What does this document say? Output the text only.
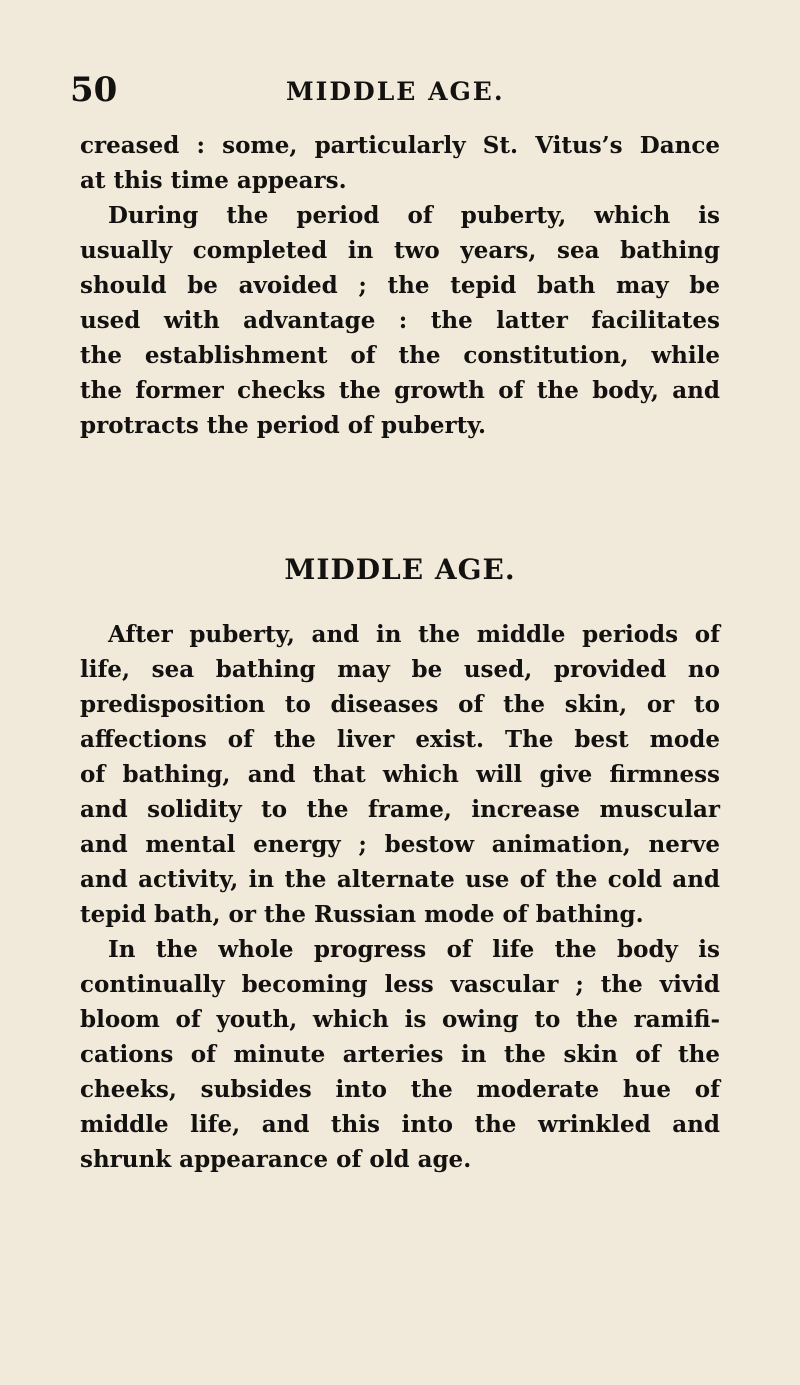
50	MIDDLE AGE.
creased : some, particularly St. Vitus’s Dance
at this time appears.
During the period of puberty, which is
usually completed in two years, sea bathing
should be avoided ; the tepid bath may be
used with advantage : the latter facilitates
the establishment of the constitution, while
the former checks the growth of the body, and
protracts the period of puberty.
MIDDLE AGE.
After puberty, and in the middle periods of
life, sea bathing may be used, provided no
predisposition to diseases of the skin, or to
affections of the liver exist. The best mode
of bathing, and that which will give firmness
and solidity to the frame, increase muscular
and mental energy ; bestow animation, nerve
and activity, in the alternate use of the cold and
tepid bath, or the Russian mode of bathing.
In the whole progress of life the body is
continually becoming less vascular ; the vivid
bloom of youth, which is owing to the ramifi-
cations of minute arteries in the skin of the
cheeks, subsides into the moderate hue of
middle life, and this into the wrinkled and
shrunk appearance of old age.
